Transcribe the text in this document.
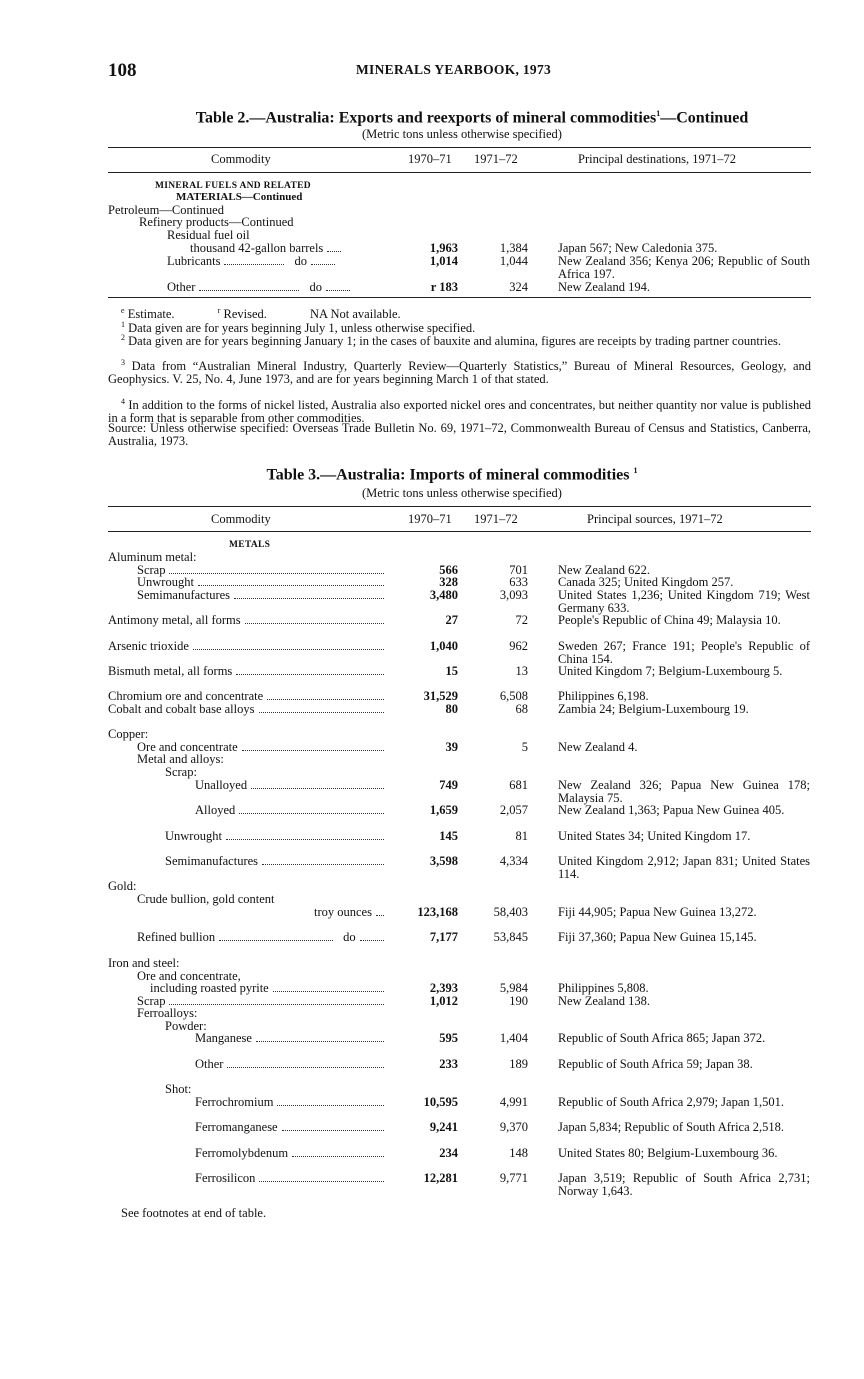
108	MINERALS YEARBOOK, 1973
Table 2.—Australia: Exports and reexports of mineral commodities$^1$—Continued
(Metric tons unless otherwise specified)
Commodity	1970–71 1971–72	Principal destinations, 1971–72
MINERAL FUELS AND RELATED
MATERIALS—Continued
Petroleum—Continued
Refinery products—Continued
Residual fuel oil
thousand 42-gallon barrels	1,963	1,384 Japan 567; New Caledonia 375.
Lubricants	do	1,014	1,044 New Zealand 356; Kenya 206; Republic of South Africa 197.
Other	do	r 183	324 New Zealand 194.
$^e$ Estimate.	$^r$ Revised.	NA Not available.
$^1$ Data given are for years beginning July 1, unless otherwise specified.
$^2$ Data given are for years beginning January 1; in the cases of bauxite and alumina, figures are receipts by trading partner countries.
$^3$ Data from “Australian Mineral Industry, Quarterly Review—Quarterly Statistics,” Bureau of Mineral Resources, Geology, and Geophysics. V. 25, No. 4, June 1973, and are for years beginning March 1 of that stated.
$^4$ In addition to the forms of nickel listed, Australia also exported nickel ores and concentrates, but neither quantity nor value is published in a form that is separable from other commodities.
Source: Unless otherwise specified: Overseas Trade Bulletin No. 69, 1971–72, Commonwealth Bureau of Census and Statistics, Canberra, Australia, 1973.
Table 3.—Australia: Imports of mineral commodities $^1$
(Metric tons unless otherwise specified)
Commodity	1970–71 1971–72	Principal sources, 1971–72
METALS
Aluminum metal:
Scrap	566	701 New Zealand 622.
Unwrought	328	633 Canada 325; United Kingdom 257.
Semimanufactures	3,480	3,093 United States 1,236; United Kingdom 719; West Germany 633.
Antimony metal, all forms	27	72 People's Republic of China 49; Malaysia 10.
Arsenic trioxide	1,040	962 Sweden 267; France 191; People's Republic of China 154.
Bismuth metal, all forms	15	13 United Kingdom 7; Belgium-Luxembourg 5.
Chromium ore and concentrate	31,529	6,508 Philippines 6,198.
Cobalt and cobalt base alloys	80	68 Zambia 24; Belgium-Luxembourg 19.
Copper:
Ore and concentrate	39	5 New Zealand 4.
Metal and alloys:
Scrap:
Unalloyed	749	681 New Zealand 326; Papua New Guinea 178; Malaysia 75.
Alloyed	1,659	2,057 New Zealand 1,363; Papua New Guinea 405.
Unwrought	145	81 United States 34; United Kingdom 17.
Semimanufactures	3,598	4,334 United Kingdom 2,912; Japan 831; United States 114.
Gold:
Crude bullion, gold content
troy ounces	123,168	58,403 Fiji 44,905; Papua New Guinea 13,272.
Refined bullion	do	7,177	53,845 Fiji 37,360; Papua New Guinea 15,145.
Iron and steel:
Ore and concentrate,
including roasted pyrite	2,393	5,984 Philippines 5,808.
Scrap	1,012	190 New Zealand 138.
Ferroalloys:
Powder:
Manganese	595	1,404 Republic of South Africa 865; Japan 372.
Other	233	189 Republic of South Africa 59; Japan 38.
Shot:
Ferrochromium	10,595	4,991 Republic of South Africa 2,979; Japan 1,501.
Ferromanganese	9,241	9,370 Japan 5,834; Republic of South Africa 2,518.
Ferromolybdenum	234	148 United States 80; Belgium-Luxembourg 36.
Ferrosilicon	12,281	9,771 Japan 3,519; Republic of South Africa 2,731; Norway 1,643.
See footnotes at end of table.
